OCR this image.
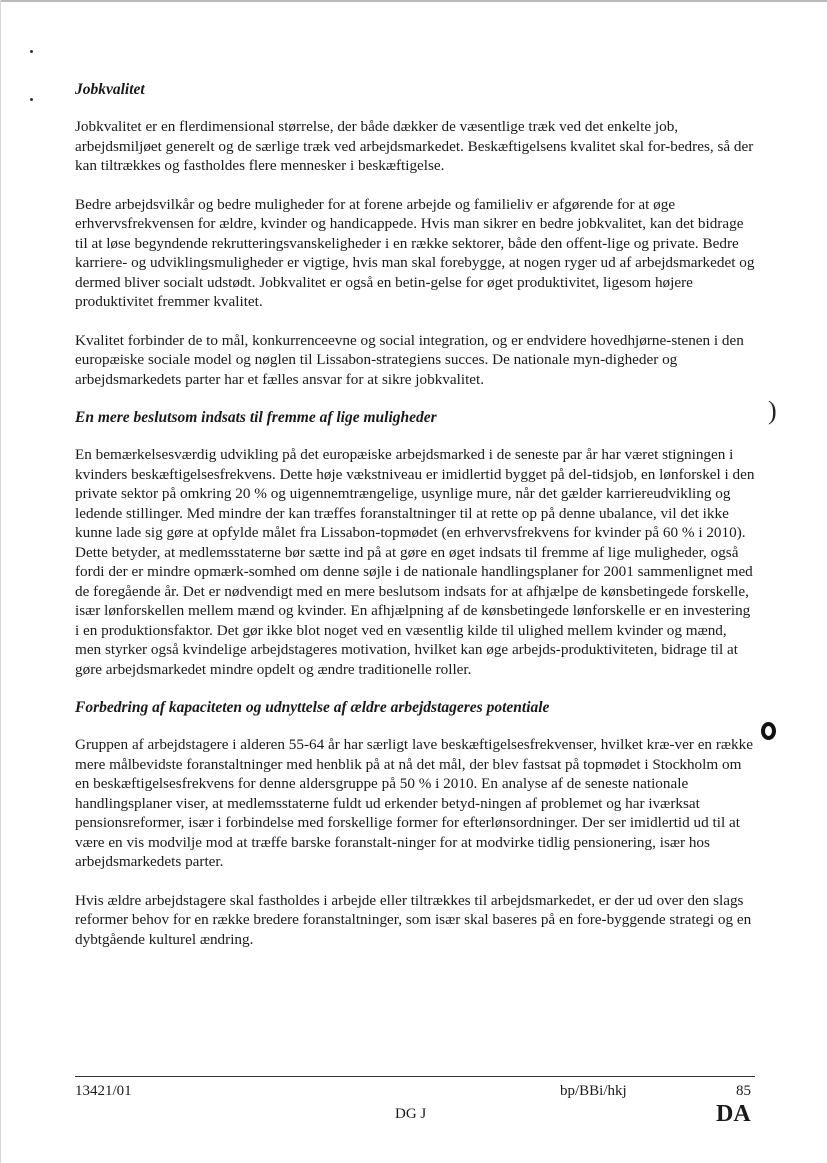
Jobkvalitet

Jobkvalitet er en flerdimensional størrelse, der både dækker de væsentlige træk ved det enkelte job, arbejdsmiljøet generelt og de særlige træk ved arbejdsmarkedet. Beskæftigelsens kvalitet skal for-bedres, så der kan tiltrækkes og fastholdes flere mennesker i beskæftigelse.

Bedre arbejdsvilkår og bedre muligheder for at forene arbejde og familieliv er afgørende for at øge erhvervsfrekvensen for ældre, kvinder og handicappede. Hvis man sikrer en bedre jobkvalitet, kan det bidrage til at løse begyndende rekrutteringsvanskeligheder i en række sektorer, både den offent-lige og private. Bedre karriere- og udviklingsmuligheder er vigtige, hvis man skal forebygge, at nogen ryger ud af arbejdsmarkedet og dermed bliver socialt udstødt. Jobkvalitet er også en betin-gelse for øget produktivitet, ligesom højere produktivitet fremmer kvalitet.

Kvalitet forbinder de to mål, konkurrenceevne og social integration, og er endvidere hovedhjørne-stenen i den europæiske sociale model og nøglen til Lissabon-strategiens succes. De nationale myn-digheder og arbejdsmarkedets parter har et fælles ansvar for at sikre jobkvalitet.

En mere beslutsom indsats til fremme af lige muligheder

En bemærkelsesværdig udvikling på det europæiske arbejdsmarked i de seneste par år har været stigningen i kvinders beskæftigelsesfrekvens. Dette høje vækstniveau er imidlertid bygget på del-tidsjob, en lønforskel i den private sektor på omkring 20 % og uigennemtrængelige, usynlige mure, når det gælder karriereudvikling og ledende stillinger. Med mindre der kan træffes foranstaltninger til at rette op på denne ubalance, vil det ikke kunne lade sig gøre at opfylde målet fra Lissabon-topmødet (en erhvervsfrekvens for kvinder på 60 % i 2010). Dette betyder, at medlemsstaterne bør sætte ind på at gøre en øget indsats til fremme af lige muligheder, også fordi der er mindre opmærk-somhed om denne søjle i de nationale handlingsplaner for 2001 sammenlignet med de foregående år. Det er nødvendigt med en mere beslutsom indsats for at afhjælpe de kønsbetingede forskelle, især lønforskellen mellem mænd og kvinder. En afhjælpning af de kønsbetingede lønforskelle er en investering i en produktionsfaktor. Det gør ikke blot noget ved en væsentlig kilde til ulighed mellem kvinder og mænd, men styrker også kvindelige arbejdstageres motivation, hvilket kan øge arbejds-produktiviteten, bidrage til at gøre arbejdsmarkedet mindre opdelt og ændre traditionelle roller.

Forbedring af kapaciteten og udnyttelse af ældre arbejdstageres potentiale

Gruppen af arbejdstagere i alderen 55-64 år har særligt lave beskæftigelsesfrekvenser, hvilket kræ-ver en række mere målbevidste foranstaltninger med henblik på at nå det mål, der blev fastsat på topmødet i Stockholm om en beskæftigelsesfrekvens for denne aldersgruppe på 50 % i 2010. En analyse af de seneste nationale handlingsplaner viser, at medlemsstaterne fuldt ud erkender betyd-ningen af problemet og har iværksat pensionsreformer, især i forbindelse med forskellige former for efterlønsordninger. Der ser imidlertid ud til at være en vis modvilje mod at træffe barske foranstalt-ninger for at modvirke tidlig pensionering, især hos arbejdsmarkedets parter.

Hvis ældre arbejdstagere skal fastholdes i arbejde eller tiltrækkes til arbejdsmarkedet, er der ud over den slags reformer behov for en række bredere foranstaltninger, som især skal baseres på en fore-byggende strategi og en dybtgående kulturel ændring.

)
13421/01	bp/BBi/hkj	85
DG J	DA
